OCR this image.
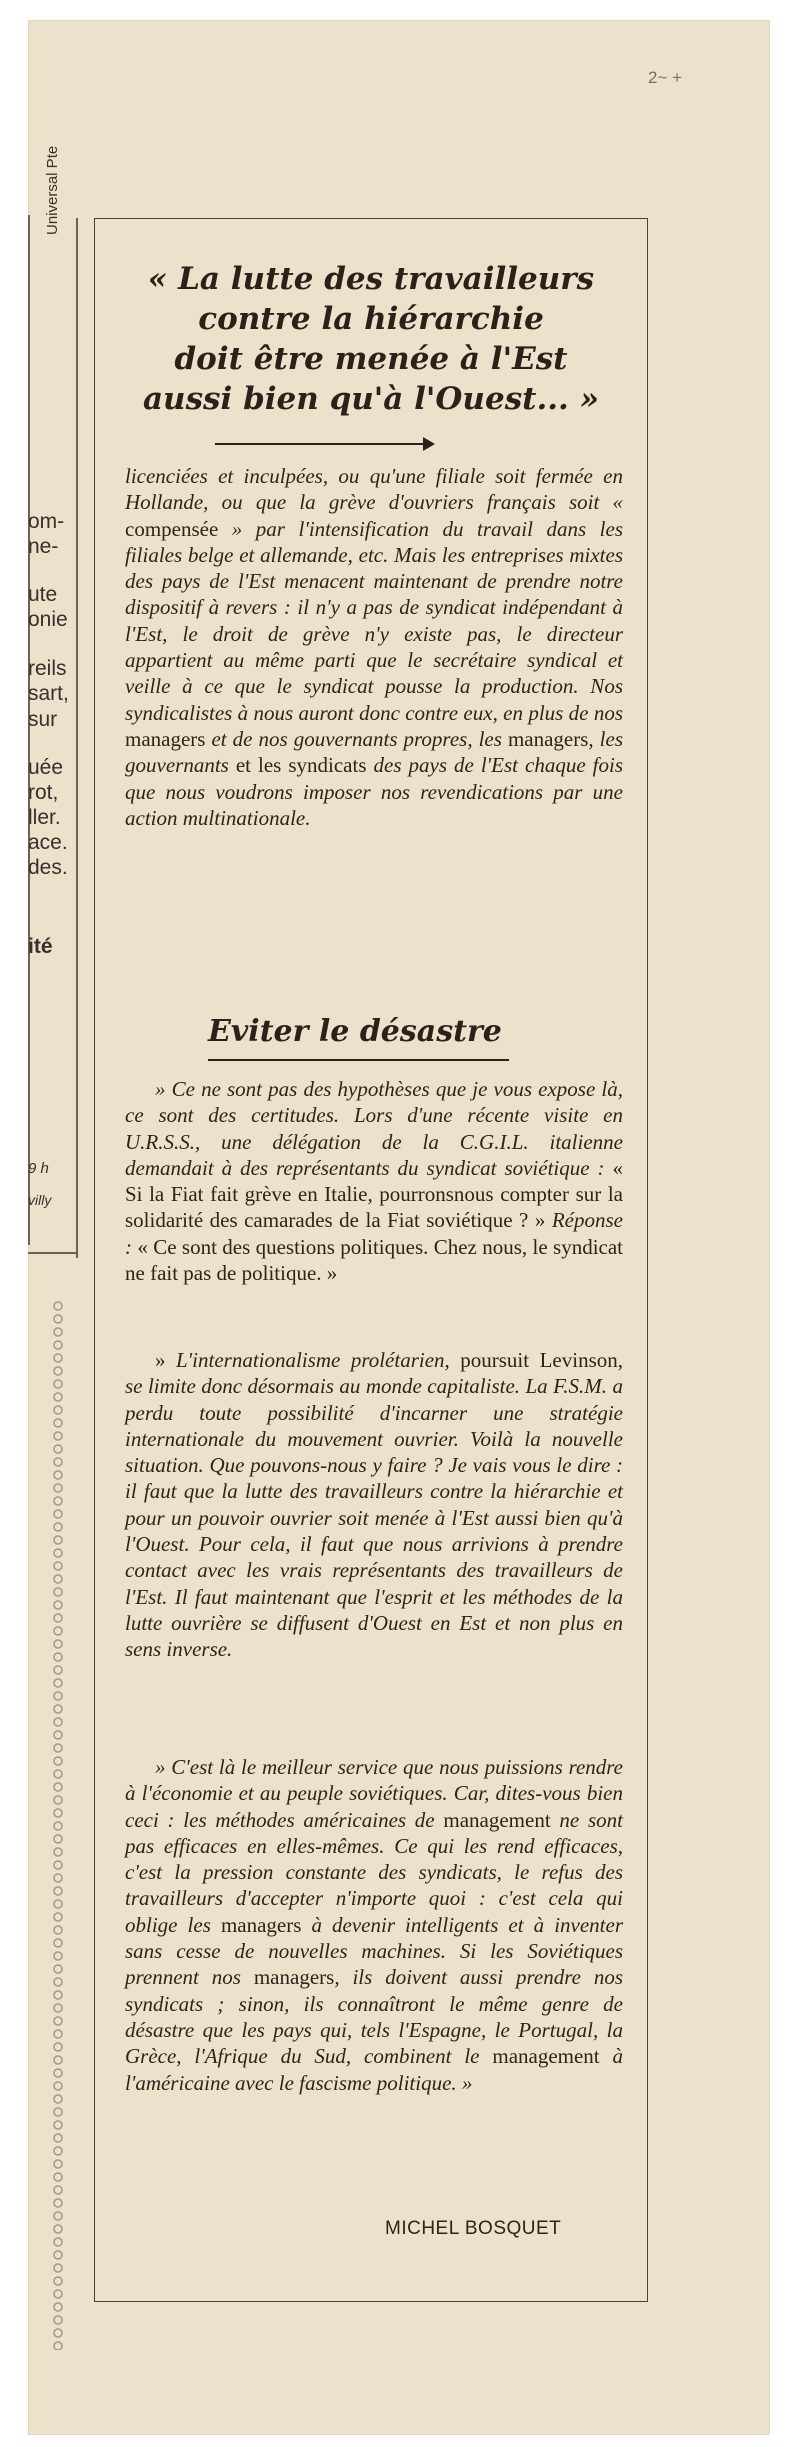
2~ +
Universal Pte
om-
ne-
ute
onie
reils
sart,
sur
uée
rot,
ller.
ace.
des.
ité
9 h
villy
« La lutte des travailleurs
contre la hiérarchie
doit être menée à l'Est
aussi bien qu'à l'Ouest... »

licenciées et inculpées, ou qu'une filiale soit fermée en Hollande, ou que la grève d'ouvriers français soit « compensée » par l'intensification du travail dans les filiales belge et allemande, etc. Mais les entreprises mixtes des pays de l'Est menacent maintenant de prendre notre dispositif à revers : il n'y a pas de syndicat indépendant à l'Est, le droit de grève n'y existe pas, le directeur appartient au même parti que le secrétaire syndical et veille à ce que le syndicat pousse la production. Nos syndicalistes à nous auront donc contre eux, en plus de nos managers et de nos gouvernants propres, les managers, les gouvernants et les syndicats des pays de l'Est chaque fois que nous voudrons imposer nos revendications par une action multinationale.

Eviter le désastre

» Ce ne sont pas des hypothèses que je vous expose là, ce sont des certitudes. Lors d'une récente visite en U.R.S.S., une délégation de la C.G.I.L. italienne demandait à des représentants du syndicat soviétique : « Si la Fiat fait grève en Italie, pourronsnous compter sur la solidarité des camarades de la Fiat soviétique ? » Réponse : « Ce sont des questions politiques. Chez nous, le syndicat ne fait pas de politique. »

» L'internationalisme prolétarien, poursuit Levinson, se limite donc désormais au monde capitaliste. La F.S.M. a perdu toute possibilité d'incarner une stratégie internationale du mouvement ouvrier. Voilà la nouvelle situation. Que pouvons-nous y faire ? Je vais vous le dire : il faut que la lutte des travailleurs contre la hiérarchie et pour un pouvoir ouvrier soit menée à l'Est aussi bien qu'à l'Ouest. Pour cela, il faut que nous arrivions à prendre contact avec les vrais représentants des travailleurs de l'Est. Il faut maintenant que l'esprit et les méthodes de la lutte ouvrière se diffusent d'Ouest en Est et non plus en sens inverse.

» C'est là le meilleur service que nous puissions rendre à l'économie et au peuple soviétiques. Car, dites-vous bien ceci : les méthodes américaines de management ne sont pas efficaces en elles-mêmes. Ce qui les rend efficaces, c'est la pression constante des syndicats, le refus des travailleurs d'accepter n'importe quoi : c'est cela qui oblige les managers à devenir intelligents et à inventer sans cesse de nouvelles machines. Si les Soviétiques prennent nos managers, ils doivent aussi prendre nos syndicats ; sinon, ils connaîtront le même genre de désastre que les pays qui, tels l'Espagne, le Portugal, la Grèce, l'Afrique du Sud, combinent le management à l'américaine avec le fascisme politique. »

MICHEL BOSQUET
